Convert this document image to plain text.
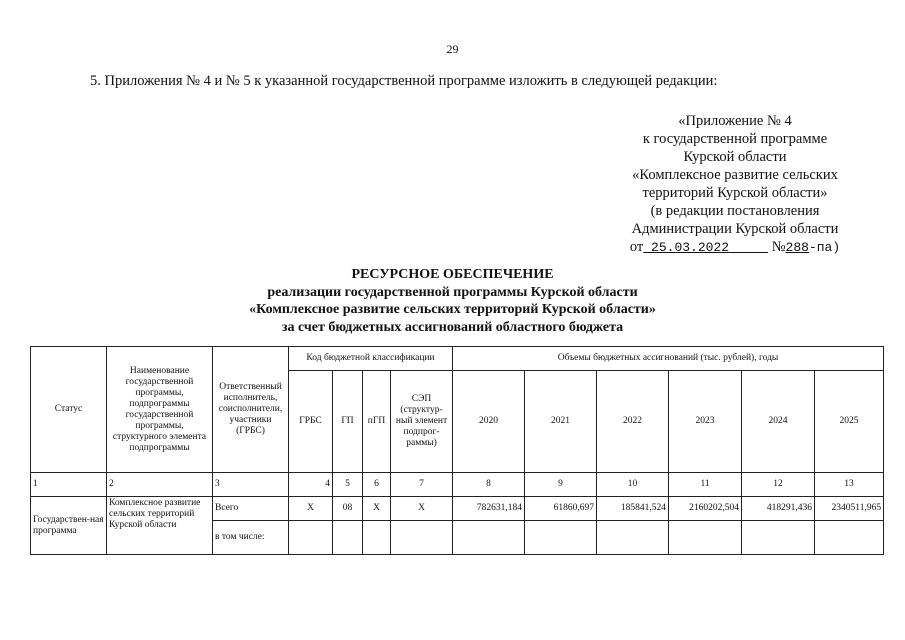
29
5. Приложения № 4 и № 5 к указанной государственной программе изложить в следующей редакции:
«Приложение № 4
к государственной программе
Курской области
«Комплексное развитие сельских
территорий Курской области»
(в редакции постановления
Администрации Курской области
от 25.03.2022	№288-па)
РЕСУРСНОЕ ОБЕСПЕЧЕНИЕ
реализации государственной программы Курской области
«Комплексное развитие сельских территорий Курской области»
за счет бюджетных ассигнований областного бюджета
Статус	Наименование государственной программы, подпрограммы государственной программы, структурного элемента подпрограммы	Ответственный исполнитель, соисполнители, участники (ГРБС)	Код бюджетной классификации				Объемы бюджетных ассигнований (тыс. рублей), годы					
			ГРБС	ГП	пГП	СЭП (структур-ный элемент подпрог-раммы)	2020	2021	2022	2023	2024	2025
1	2	3	4	5	6	7	8	9	10	11	12	13
Государствен-ная программа	Комплексное развитие сельских территорий Курской области	Всего	Х	08	Х	Х	782631,184	61860,697	185841,524	2160202,504	418291,436	2340511,965
		в том числе:										
